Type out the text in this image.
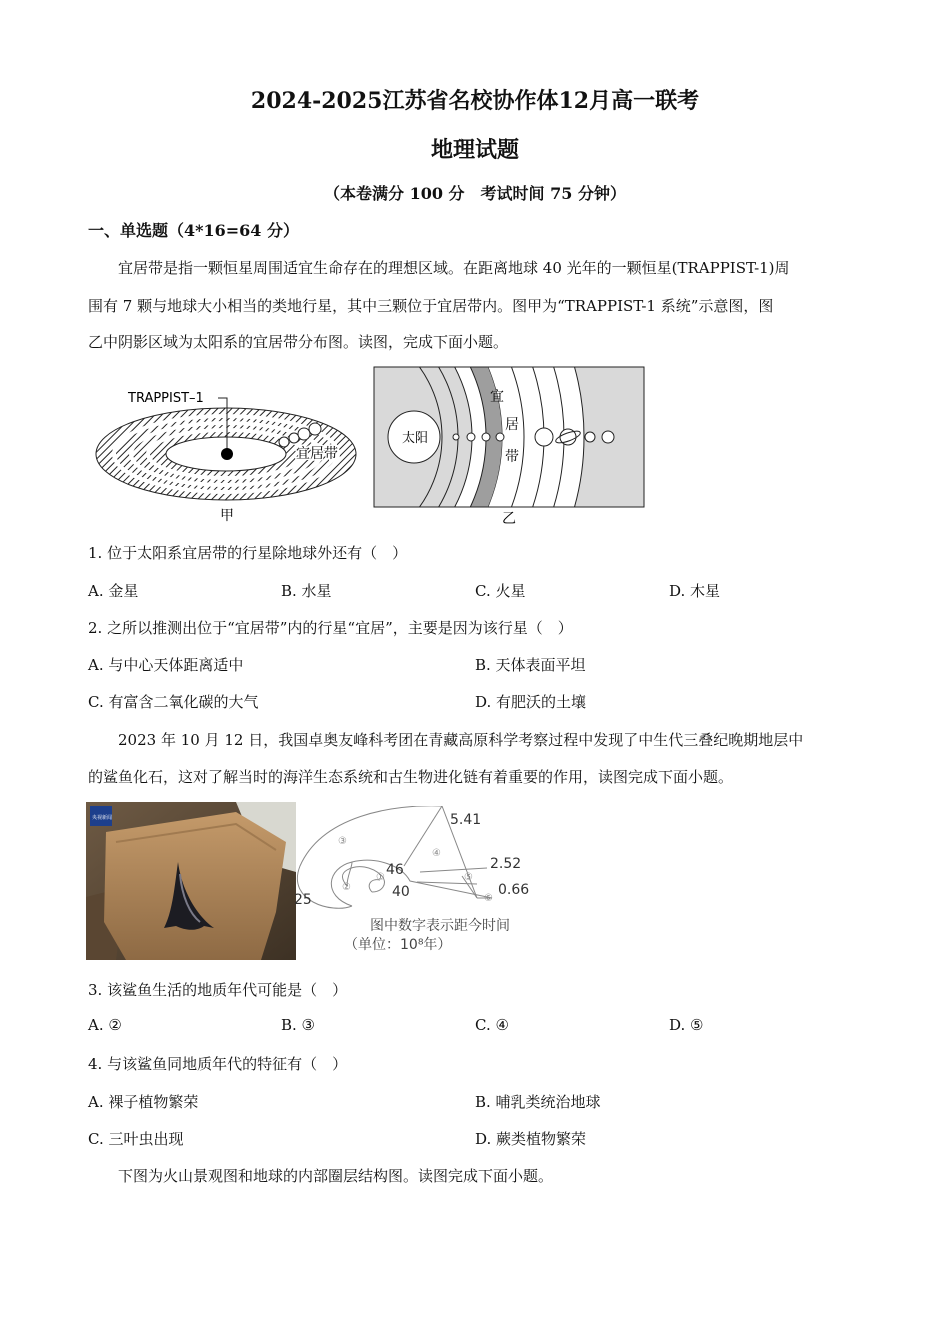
2024-2025江苏省名校协作体12月高一联考
地理试题
（本卷满分 100 分　考试时间 75 分钟）
一、单选题（4*16=64 分）
宜居带是指一颗恒星周围适宜生命存在的理想区域。在距离地球 40 光年的一颗恒星(TRAPPIST-1)周
围有 7 颗与地球大小相当的类地行星，其中三颗位于宜居带内。图甲为“TRAPPIST-1 系统”示意图，图
乙中阴影区域为太阳系的宜居带分布图。读图，完成下面小题。
TRAPPIST–1
宜居带
甲
太阳
宜
居
带
乙
1. 位于太阳系宜居带的行星除地球外还有（　）
A. 金星	B. 水星	C. 火星	D. 木星
2. 之所以推测出位于“宜居带”内的行星“宜居”，主要是因为该行星（　）
A. 与中心天体距离适中	B. 天体表面平坦
C. 有富含二氧化碳的大气	D. 有肥沃的土壤
2023 年 10 月 12 日，我国卓奥友峰科考团在青藏高原科学考察过程中发现了中生代三叠纪晚期地层中
的鲨鱼化石，这对了解当时的海洋生态系统和古生物进化链有着重要的作用，读图完成下面小题。
央视新闻
③
④
⑤
⑥
②
①
5.41
2.52
0.66
46
40
25
图中数字表示距今时间
（单位：10⁸年）
3. 该鲨鱼生活的地质年代可能是（　）
A. ②	B. ③	C. ④	D. ⑤
4. 与该鲨鱼同地质年代的特征有（　）
A. 裸子植物繁荣	B. 哺乳类统治地球
C. 三叶虫出现	D. 蕨类植物繁荣
下图为火山景观图和地球的内部圈层结构图。读图完成下面小题。
